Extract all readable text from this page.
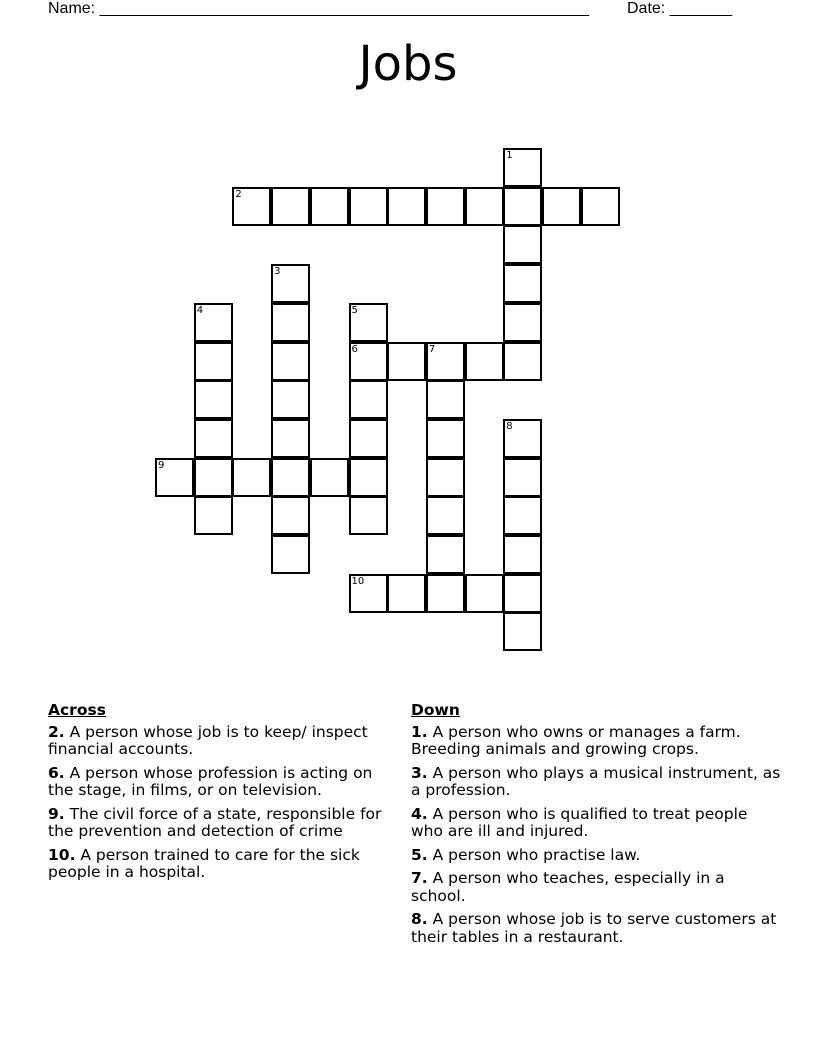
Name: _______________________________________________________ Date: _______
Jobs
1
2
3
4	5
6	7
8
9
10
Across
2. A person whose job is to keep/ inspect financial accounts.
6. A person whose profession is acting on the stage, in films, or on television.
9. The civil force of a state, responsible for the prevention and detection of crime
10. A person trained to care for the sick people in a hospital.
Down
1. A person who owns or manages a farm. Breeding animals and growing crops.
3. A person who plays a musical instrument, as a profession.
4. A person who is qualified to treat people who are ill and injured.
5. A person who practise law.
7. A person who teaches, especially in a school.
8. A person whose job is to serve customers at their tables in a restaurant.
